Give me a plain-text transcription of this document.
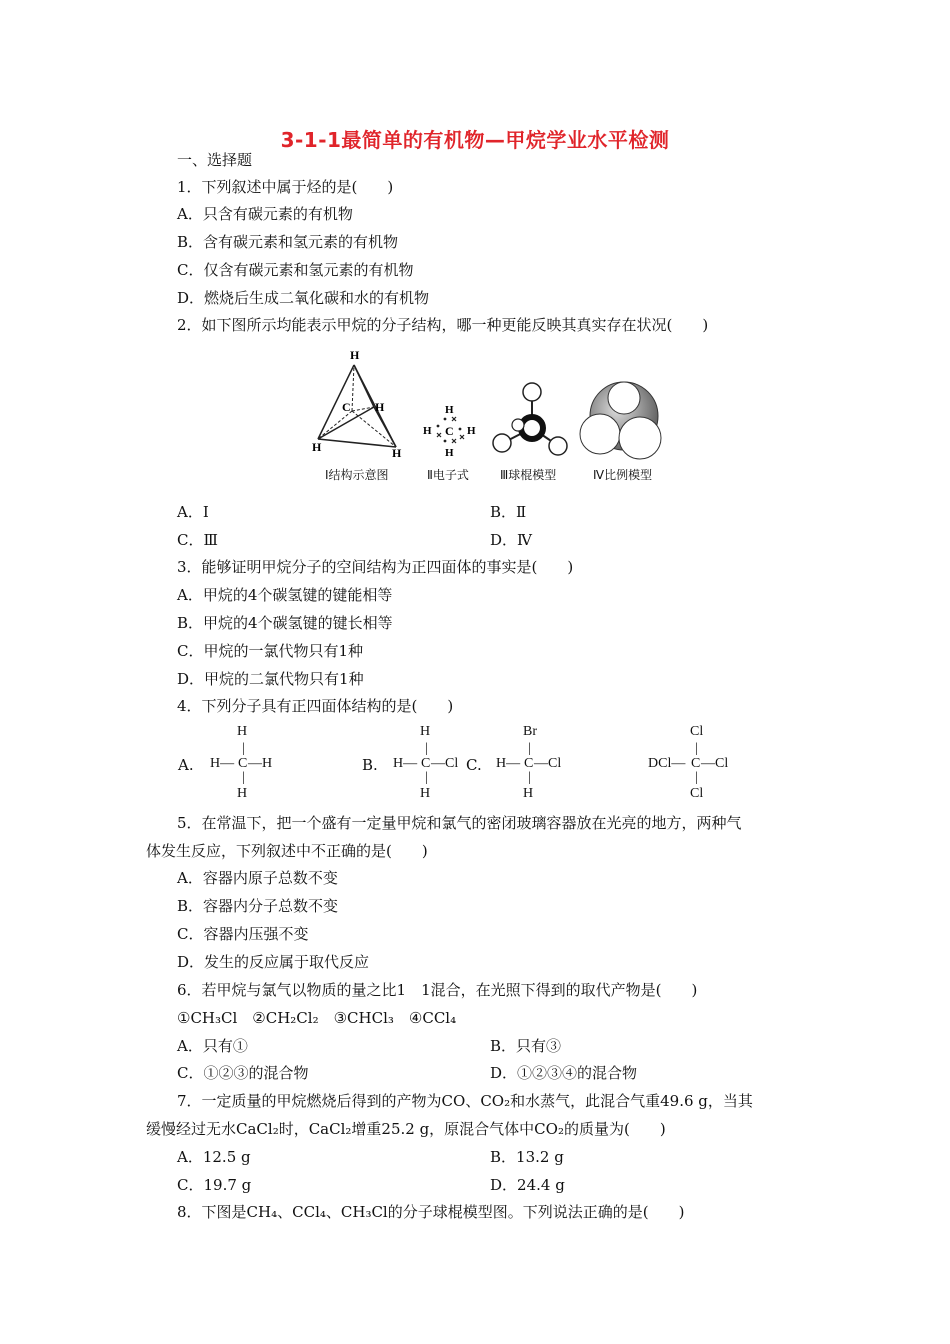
3-1-1最简单的有机物—甲烷学业水平检测
一、选择题
1．下列叙述中属于烃的是(　　)
A．只含有碳元素的有机物
B．含有碳元素和氢元素的有机物
C．仅含有碳元素和氢元素的有机物
D．燃烧后生成二氧化碳和水的有机物
2．如下图所示均能表示甲烷的分子结构，哪一种更能反映其真实存在状况(　　)
H
C H
H	H
H
H C H
H
Ⅰ结构示意图	Ⅱ电子式	Ⅲ球棍模型	Ⅳ比例模型
A．Ⅰ	B．Ⅱ
C．Ⅲ	D．Ⅳ
3．能够证明甲烷分子的空间结构为正四面体的事实是(　　)
A．甲烷的4个碳氢键的键能相等
B．甲烷的4个碳氢键的键长相等
C．甲烷的一氯代物只有1种
D．甲烷的二氯代物只有1种
4．下列分子具有正四面体结构的是(　　)
A.
H
|
H— C —H
|
H
B.
H
|
H— C —Cl
|
H
C.
Br
|
H— C —Cl
|
H
Cl
|
DCl— C —Cl
|
Cl
5．在常温下，把一个盛有一定量甲烷和氯气的密闭玻璃容器放在光亮的地方，两种气
体发生反应，下列叙述中不正确的是(　　)
A．容器内原子总数不变
B．容器内分子总数不变
C．容器内压强不变
D．发生的反应属于取代反应
6．若甲烷与氯气以物质的量之比1　1混合，在光照下得到的取代产物是(　　)
①CH₃Cl　②CH₂Cl₂　③CHCl₃　④CCl₄
A．只有①	B．只有③
C．①②③的混合物	D．①②③④的混合物
7．一定质量的甲烷燃烧后得到的产物为CO、CO₂和水蒸气，此混合气重49.6 g，当其
缓慢经过无水CaCl₂时，CaCl₂增重25.2 g，原混合气体中CO₂的质量为(　　)
A．12.5 g	B．13.2 g
C．19.7 g	D．24.4 g
8．下图是CH₄、CCl₄、CH₃Cl的分子球棍模型图。下列说法正确的是(　　)
